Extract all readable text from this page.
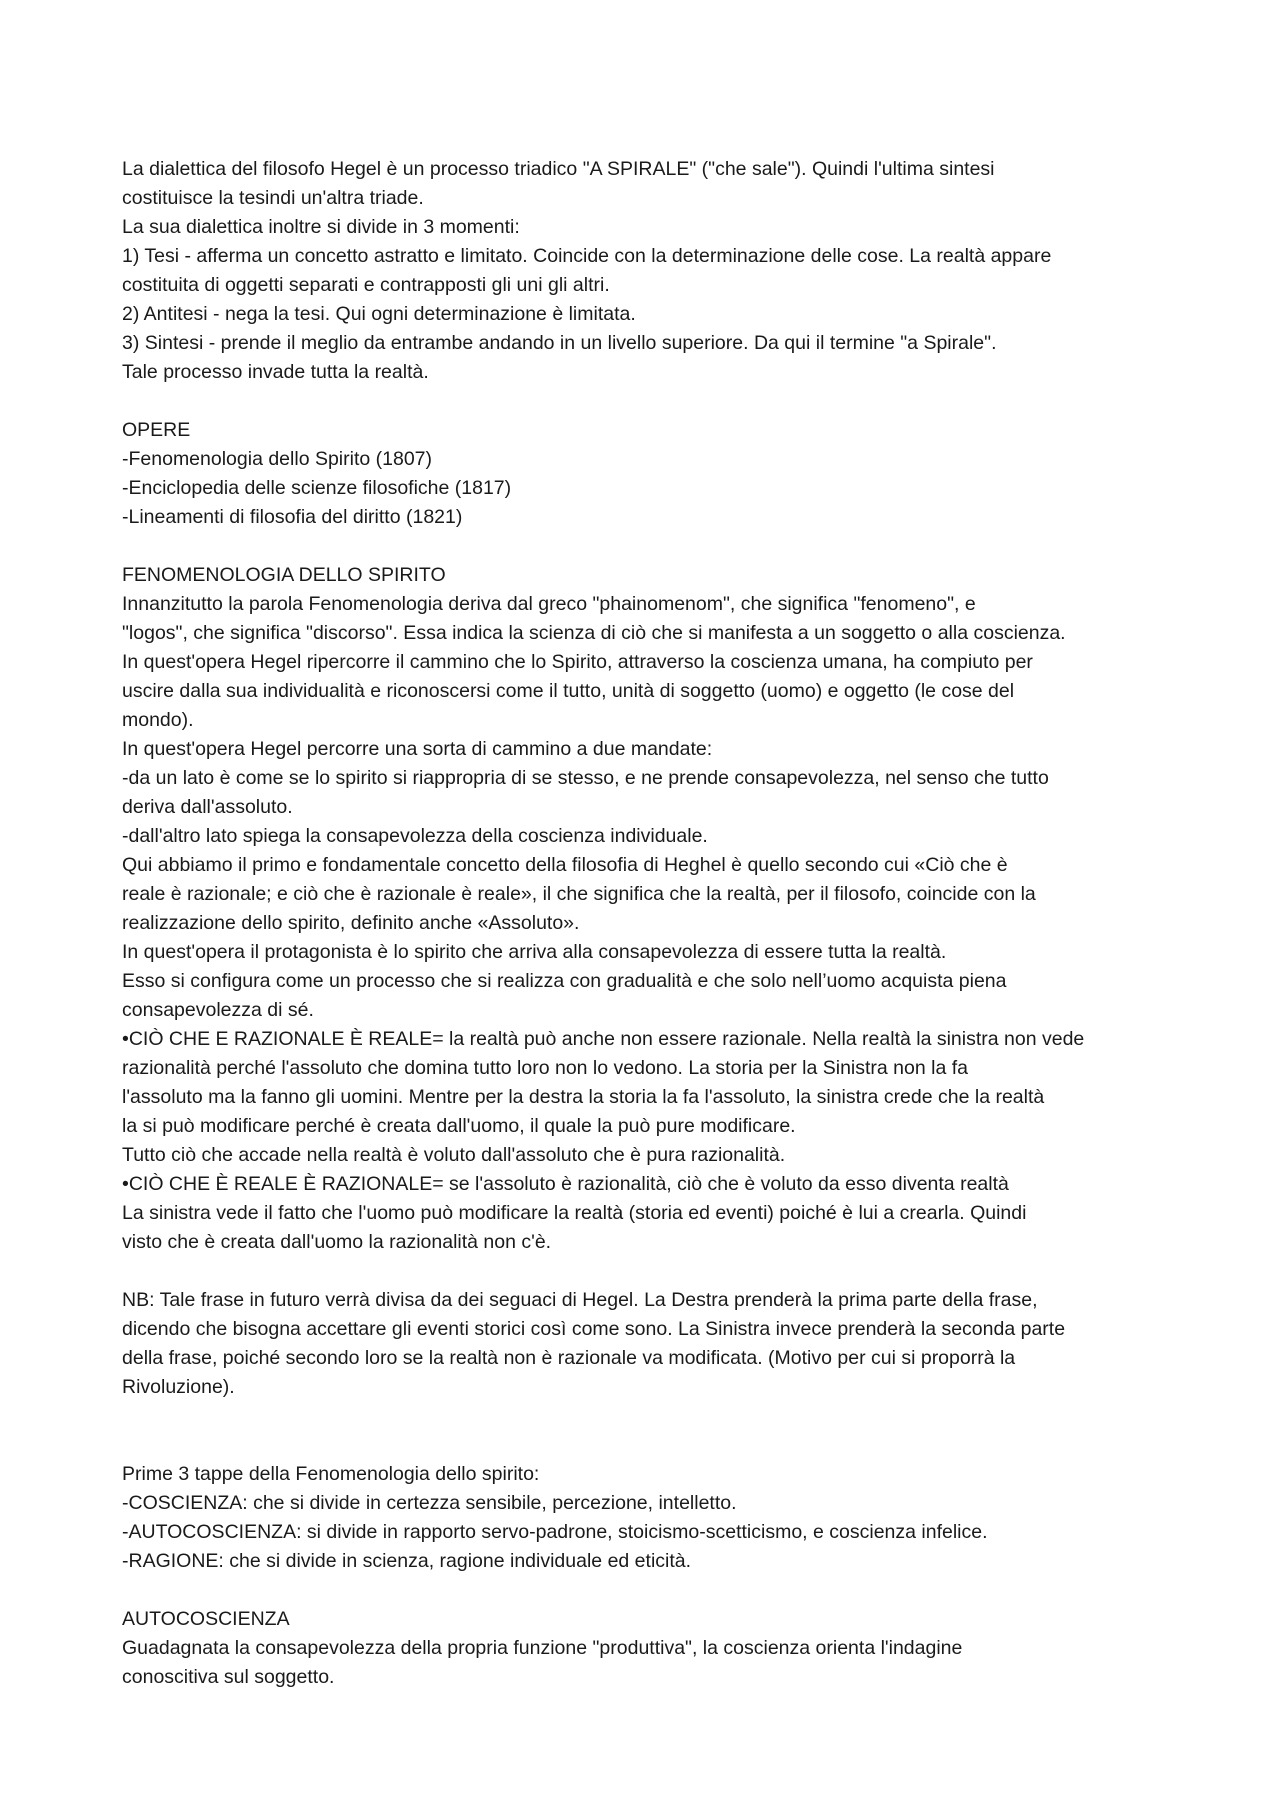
La dialettica del filosofo Hegel è un processo triadico "A SPIRALE" ("che sale"). Quindi l'ultima sintesi
costituisce la tesindi un'altra triade.
La sua dialettica inoltre si divide in 3 momenti:
1) Tesi - afferma un concetto astratto e limitato. Coincide con la determinazione delle cose. La realtà appare
costituita di oggetti separati e contrapposti gli uni gli altri.
2) Antitesi - nega la tesi. Qui ogni determinazione è limitata.
3) Sintesi - prende il meglio da entrambe andando in un livello superiore. Da qui il termine "a Spirale".
Tale processo invade tutta la realtà.
OPERE
-Fenomenologia dello Spirito (1807)
-Enciclopedia delle scienze filosofiche (1817)
-Lineamenti di filosofia del diritto (1821)
FENOMENOLOGIA DELLO SPIRITO
Innanzitutto la parola Fenomenologia deriva dal greco "phainomenom", che significa "fenomeno", e
"logos", che significa "discorso". Essa indica la scienza di ciò che si manifesta a un soggetto o alla coscienza.
In quest'opera Hegel ripercorre il cammino che lo Spirito, attraverso la coscienza umana, ha compiuto per
uscire dalla sua individualità e riconoscersi come il tutto, unità di soggetto (uomo) e oggetto (le cose del
mondo).
In quest'opera Hegel percorre una sorta di cammino a due mandate:
-da un lato è come se lo spirito si riappropria di se stesso, e ne prende consapevolezza, nel senso che tutto
deriva dall'assoluto.
-dall'altro lato spiega la consapevolezza della coscienza individuale.
Qui abbiamo il primo e fondamentale concetto della filosofia di Heghel è quello secondo cui «Ciò che è
reale è razionale; e ciò che è razionale è reale», il che significa che la realtà, per il filosofo, coincide con la
realizzazione dello spirito, definito anche «Assoluto».
In quest'opera il protagonista è lo spirito che arriva alla consapevolezza di essere tutta la realtà.
Esso si configura come un processo che si realizza con gradualità e che solo nell’uomo acquista piena
consapevolezza di sé.
•CIÒ CHE E RAZIONALE È REALE= la realtà può anche non essere razionale. Nella realtà la sinistra non vede
razionalità perché l'assoluto che domina tutto loro non lo vedono. La storia per la Sinistra non la fa
l'assoluto ma la fanno gli uomini. Mentre per la destra la storia la fa l'assoluto, la sinistra crede che la realtà
la si può modificare perché è creata dall'uomo, il quale la può pure modificare.
Tutto ciò che accade nella realtà è voluto dall'assoluto che è pura razionalità.
•CIÒ CHE È REALE È RAZIONALE= se l'assoluto è razionalità, ciò che è voluto da esso diventa realtà
La sinistra vede il fatto che l'uomo può modificare la realtà (storia ed eventi) poiché è lui a crearla. Quindi
visto che è creata dall'uomo la razionalità non c'è.
NB: Tale frase in futuro verrà divisa da dei seguaci di Hegel. La Destra prenderà la prima parte della frase,
dicendo che bisogna accettare gli eventi storici così come sono. La Sinistra invece prenderà la seconda parte
della frase, poiché secondo loro se la realtà non è razionale va modificata. (Motivo per cui si proporrà la
Rivoluzione).
Prime 3 tappe della Fenomenologia dello spirito:
-COSCIENZA: che si divide in certezza sensibile, percezione, intelletto.
-AUTOCOSCIENZA: si divide in rapporto servo-padrone, stoicismo-scetticismo, e coscienza infelice.
-RAGIONE: che si divide in scienza, ragione individuale ed eticità.
AUTOCOSCIENZA
Guadagnata la consapevolezza della propria funzione "produttiva", la coscienza orienta l'indagine
conoscitiva sul soggetto.
